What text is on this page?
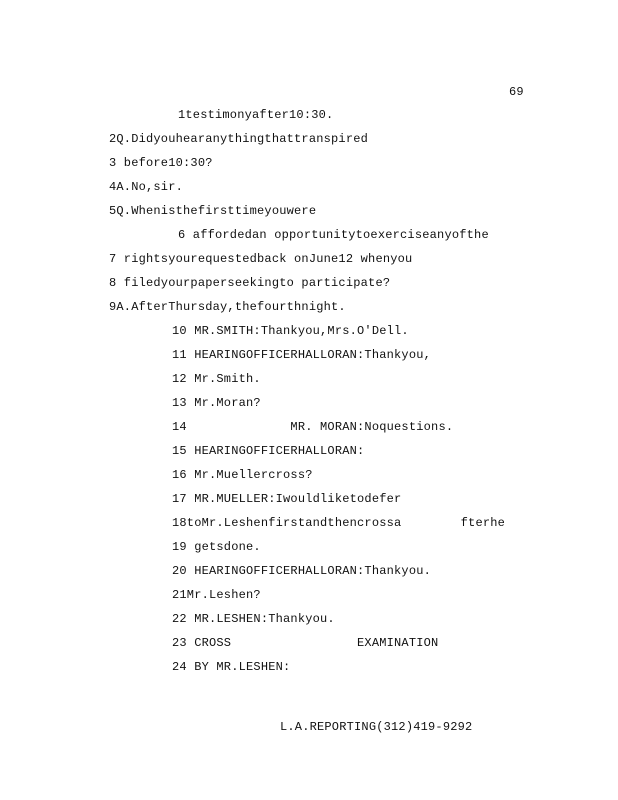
69
1testimonyafter10:30.
2Q.Didyouhearanythingthattranspired
3 before10:30?
4A.No,sir.
5Q.Whenisthefirsttimeyouwere
6 affordedan opportunitytoexerciseanyofthe
7 rightsyourequestedback onJune12 whenyou
8 filedyourpaperseekingto participate?
9A.AfterThursday,thefourthnight.
10 MR.SMITH:Thankyou,Mrs.O'Dell.
11 HEARINGOFFICERHALLORAN:Thankyou,
12 Mr.Smith.
13 Mr.Moran?
14              MR. MORAN:Noquestions.
15 HEARINGOFFICERHALLORAN:
16 Mr.Muellercross?
17 MR.MUELLER:Iwouldliketodefer
18toMr.Leshenfirstandthencrossa        fterhe
19 getsdone.
20 HEARINGOFFICERHALLORAN:Thankyou.
21Mr.Leshen?
22 MR.LESHEN:Thankyou.
23 CROSS                 EXAMINATION
24 BY MR.LESHEN:
L.A.REPORTING(312)419-9292
